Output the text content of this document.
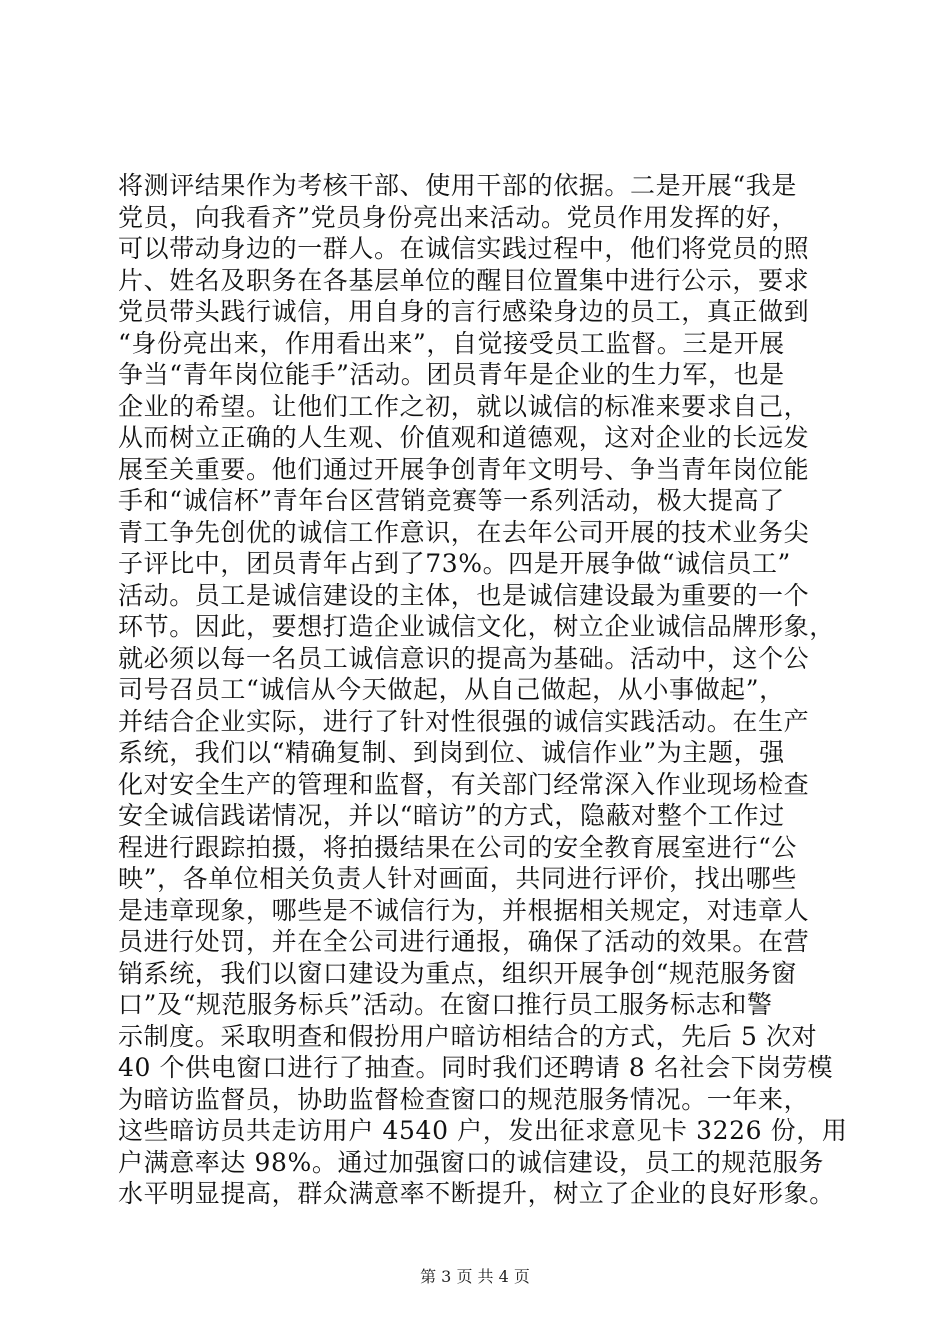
将测评结果作为考核干部、使用干部的依据。二是开展“我是
党员，向我看齐”党员身份亮出来活动。党员作用发挥的好，
可以带动身边的一群人。在诚信实践过程中，他们将党员的照
片、姓名及职务在各基层单位的醒目位置集中进行公示，要求
党员带头践行诚信，用自身的言行感染身边的员工，真正做到
“身份亮出来，作用看出来”，自觉接受员工监督。三是开展
争当“青年岗位能手”活动。团员青年是企业的生力军，也是
企业的希望。让他们工作之初，就以诚信的标准来要求自己，
从而树立正确的人生观、价值观和道德观，这对企业的长远发
展至关重要。他们通过开展争创青年文明号、争当青年岗位能
手和“诚信杯”青年台区营销竞赛等一系列活动，极大提高了
青工争先创优的诚信工作意识，在去年公司开展的技术业务尖
子评比中，团员青年占到了73%。四是开展争做“诚信员工”
活动。员工是诚信建设的主体，也是诚信建设最为重要的一个
环节。因此，要想打造企业诚信文化，树立企业诚信品牌形象，
就必须以每一名员工诚信意识的提高为基础。活动中，这个公
司号召员工“诚信从今天做起，从自己做起，从小事做起”，
并结合企业实际，进行了针对性很强的诚信实践活动。在生产
系统，我们以“精确复制、到岗到位、诚信作业”为主题，强
化对安全生产的管理和监督，有关部门经常深入作业现场检查
安全诚信践诺情况，并以“暗访”的方式，隐蔽对整个工作过
程进行跟踪拍摄，将拍摄结果在公司的安全教育展室进行“公
映”，各单位相关负责人针对画面，共同进行评价，找出哪些
是违章现象，哪些是不诚信行为，并根据相关规定，对违章人
员进行处罚，并在全公司进行通报，确保了活动的效果。在营
销系统，我们以窗口建设为重点，组织开展争创“规范服务窗
口”及“规范服务标兵”活动。在窗口推行员工服务标志和警
示制度。采取明查和假扮用户暗访相结合的方式，先后 5 次对
40 个供电窗口进行了抽查。同时我们还聘请 8 名社会下岗劳模
为暗访监督员，协助监督检查窗口的规范服务情况。一年来，
这些暗访员共走访用户 4540 户，发出征求意见卡 3226 份，用
户满意率达 98%。通过加强窗口的诚信建设，员工的规范服务
水平明显提高，群众满意率不断提升，树立了企业的良好形象。
第 3 页 共 4 页
